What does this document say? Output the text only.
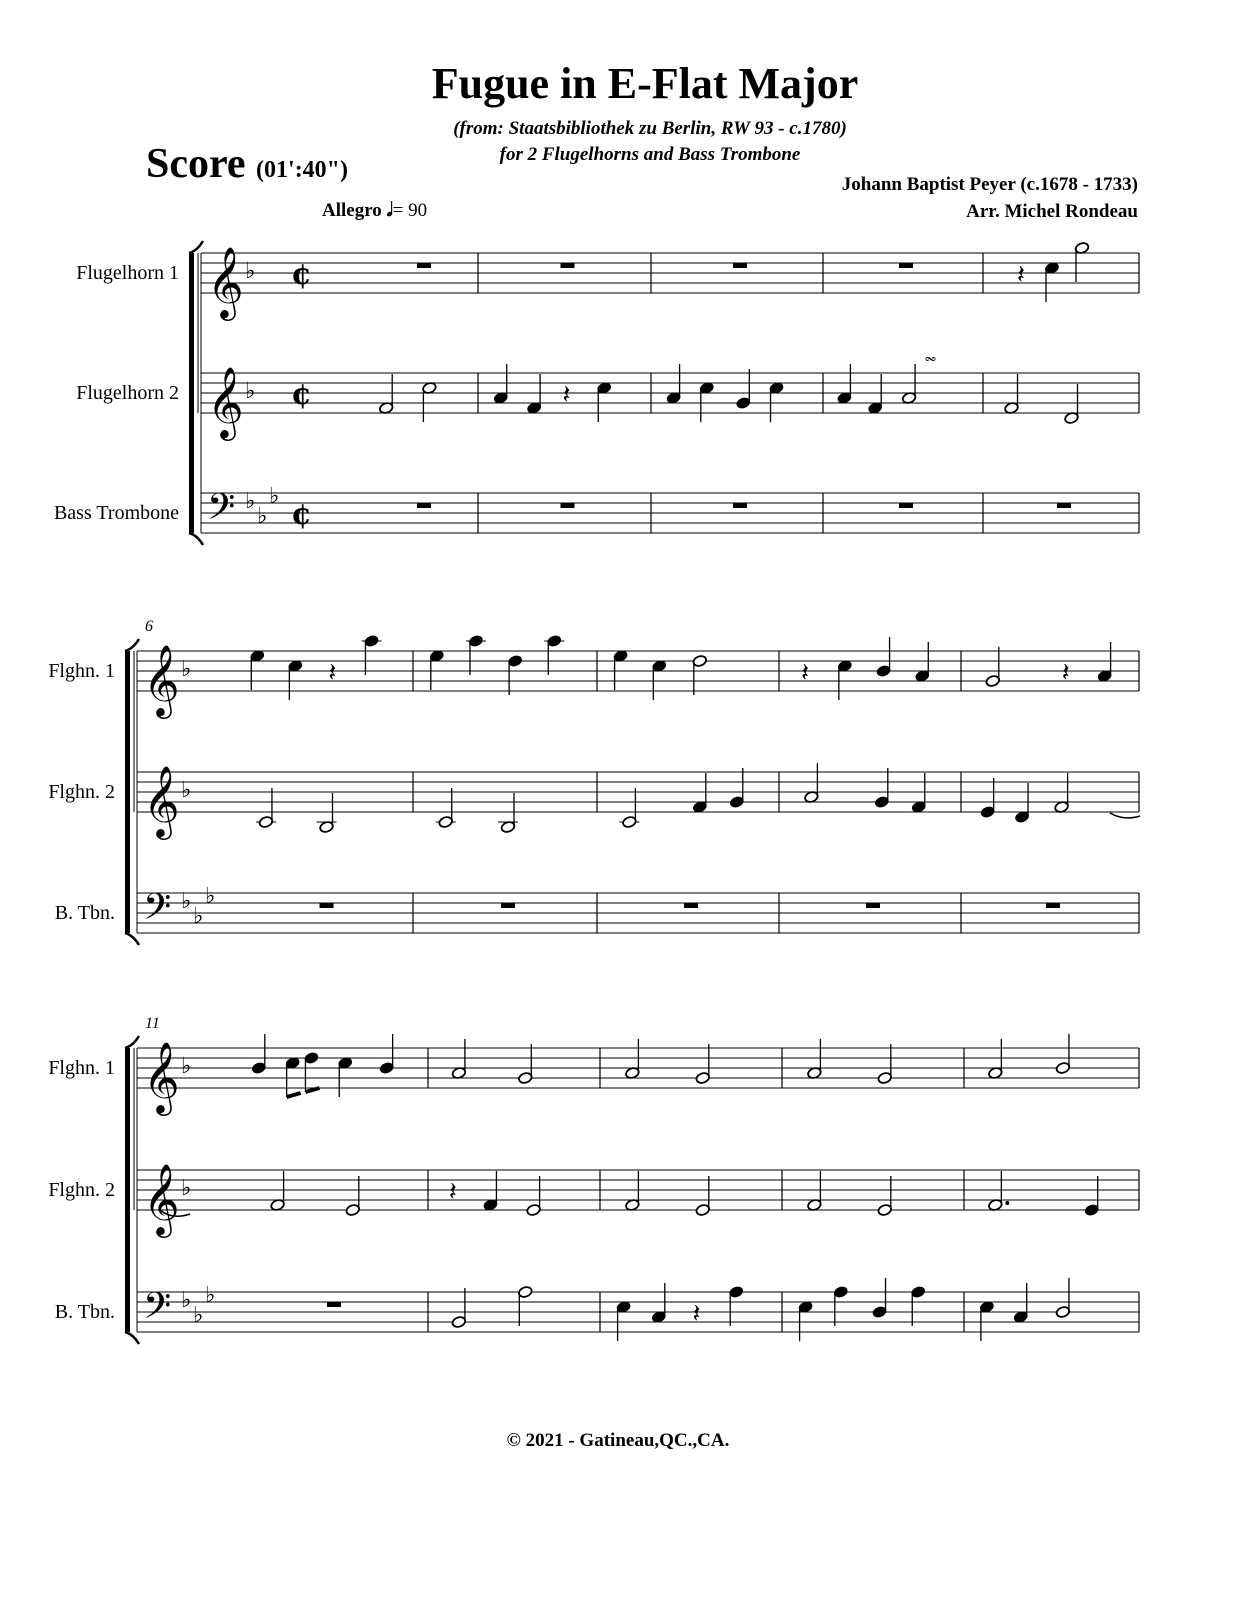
Fugue in E-Flat Major
(from: Staatsbibliothek zu Berlin, RW 93 - c.1780)
for 2 Flugelhorns and Bass Trombone
Score (01':40")
Johann Baptist Peyer (c.1678 - 1733)
Arr. Michel Rondeau
Allegro 𝅗𝅥= 90
Flugelhorn 1 𝄞 ♭ ¢	𝄽
Flugelhorn 2 𝄞 ♭ ¢	𝄽
Bass Trombone 𝄢 ♭
♭
♭
¢
6
Flghn. 1 𝄞 ♭	𝄽	𝄽	𝄽
Flghn. 2 𝄞 ♭
B. Tbn. 𝄢 ♭
♭
♭
11
Flghn. 1 𝄞 ♭
Flghn. 2 𝄞 ♭	𝄽
B. Tbn. 𝄢 ♭
♭
♭
𝄽
𝆗
© 2021 - Gatineau,QC.,CA.
